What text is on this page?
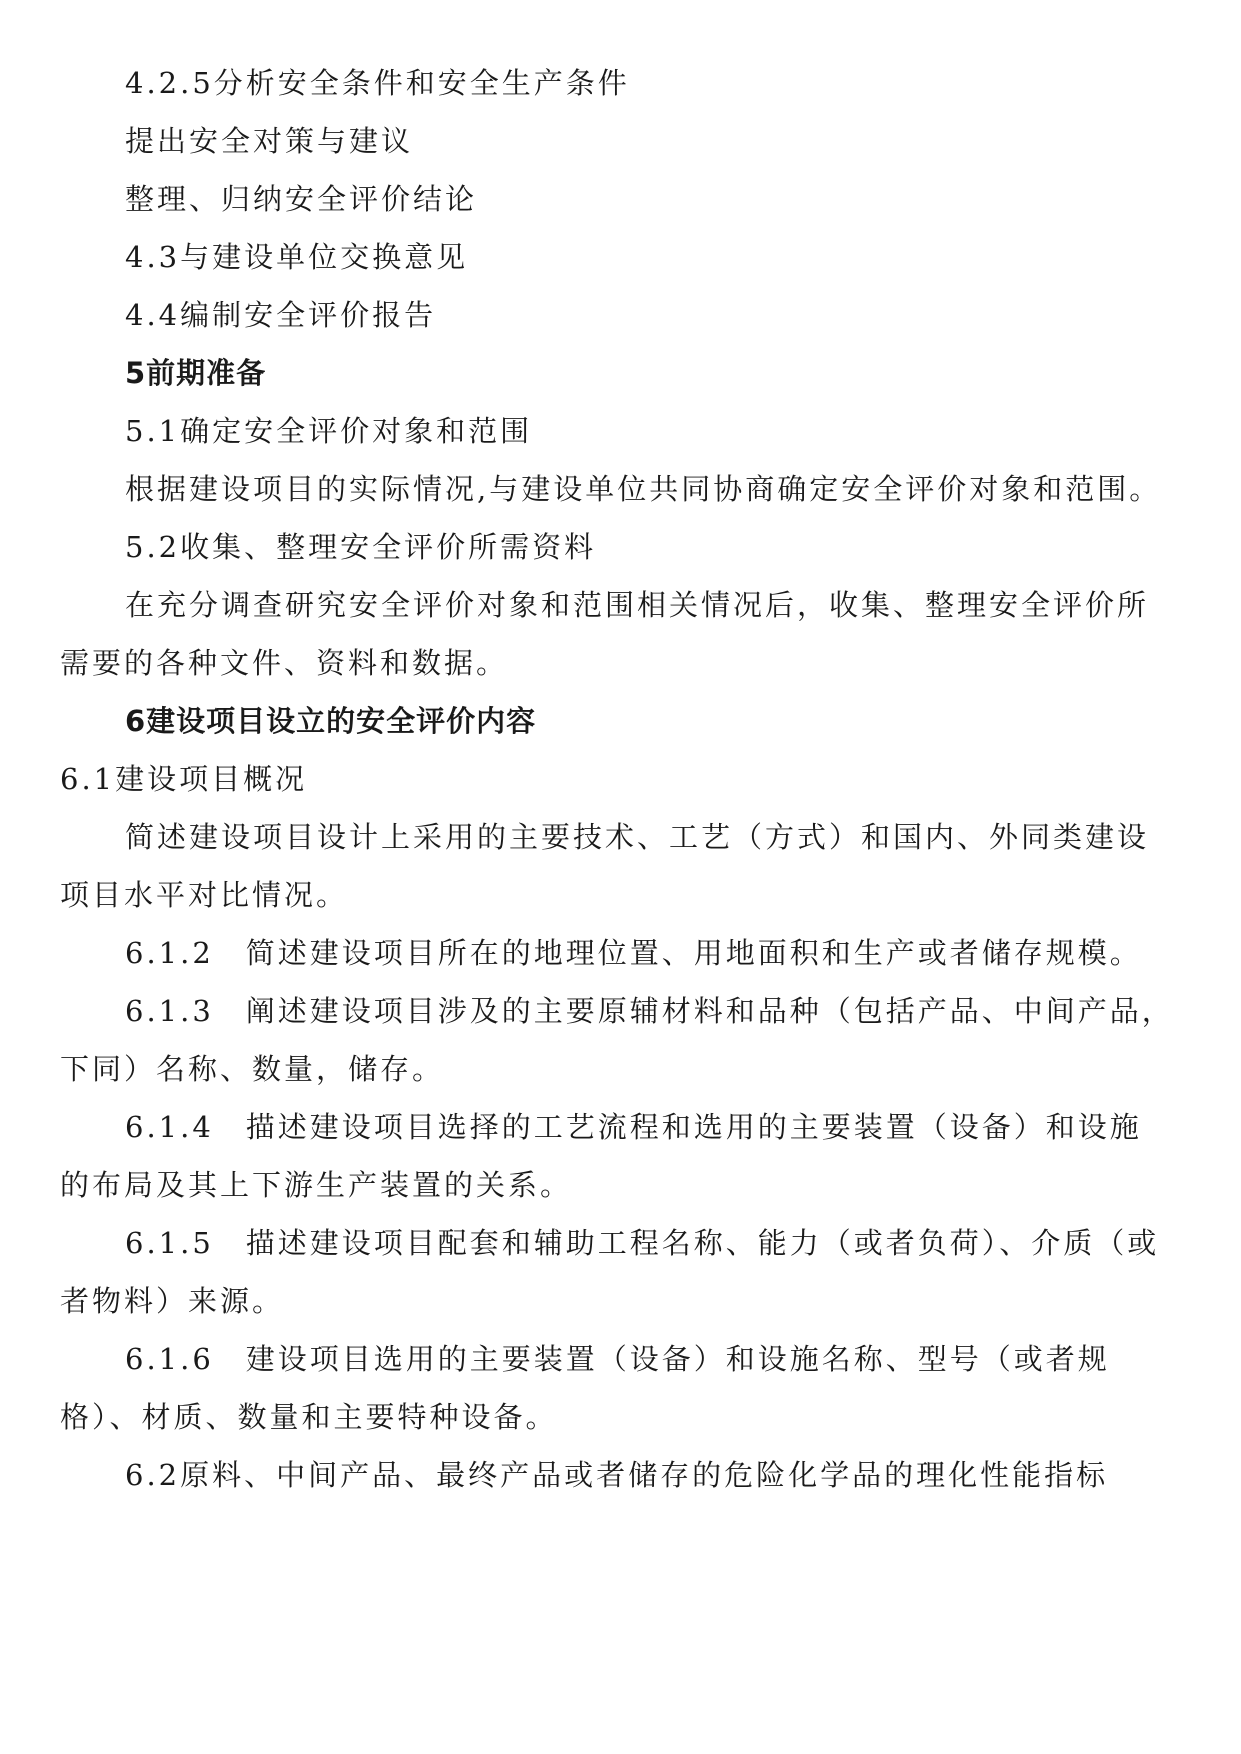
4.2.5分析安全条件和安全生产条件
提出安全对策与建议
整理、归纳安全评价结论
4.3与建设单位交换意见
4.4编制安全评价报告
5前期准备
5.1确定安全评价对象和范围
根据建设项目的实际情况,与建设单位共同协商确定安全评价对象和范围。
5.2收集、整理安全评价所需资料
在充分调查研究安全评价对象和范围相关情况后，收集、整理安全评价所
需要的各种文件、资料和数据。
6建设项目设立的安全评价内容
6.1建设项目概况
简述建设项目设计上采用的主要技术、工艺（方式）和国内、外同类建设
项目水平对比情况。
6.1.2　简述建设项目所在的地理位置、用地面积和生产或者储存规模。
6.1.3　阐述建设项目涉及的主要原辅材料和品种（包括产品、中间产品，
下同）名称、数量，储存。
6.1.4　描述建设项目选择的工艺流程和选用的主要装置（设备）和设施
的布局及其上下游生产装置的关系。
6.1.5　描述建设项目配套和辅助工程名称、能力（或者负荷）、介质（或
者物料）来源。
6.1.6　建设项目选用的主要装置（设备）和设施名称、型号（或者规
格）、材质、数量和主要特种设备。
6.2原料、中间产品、最终产品或者储存的危险化学品的理化性能指标
